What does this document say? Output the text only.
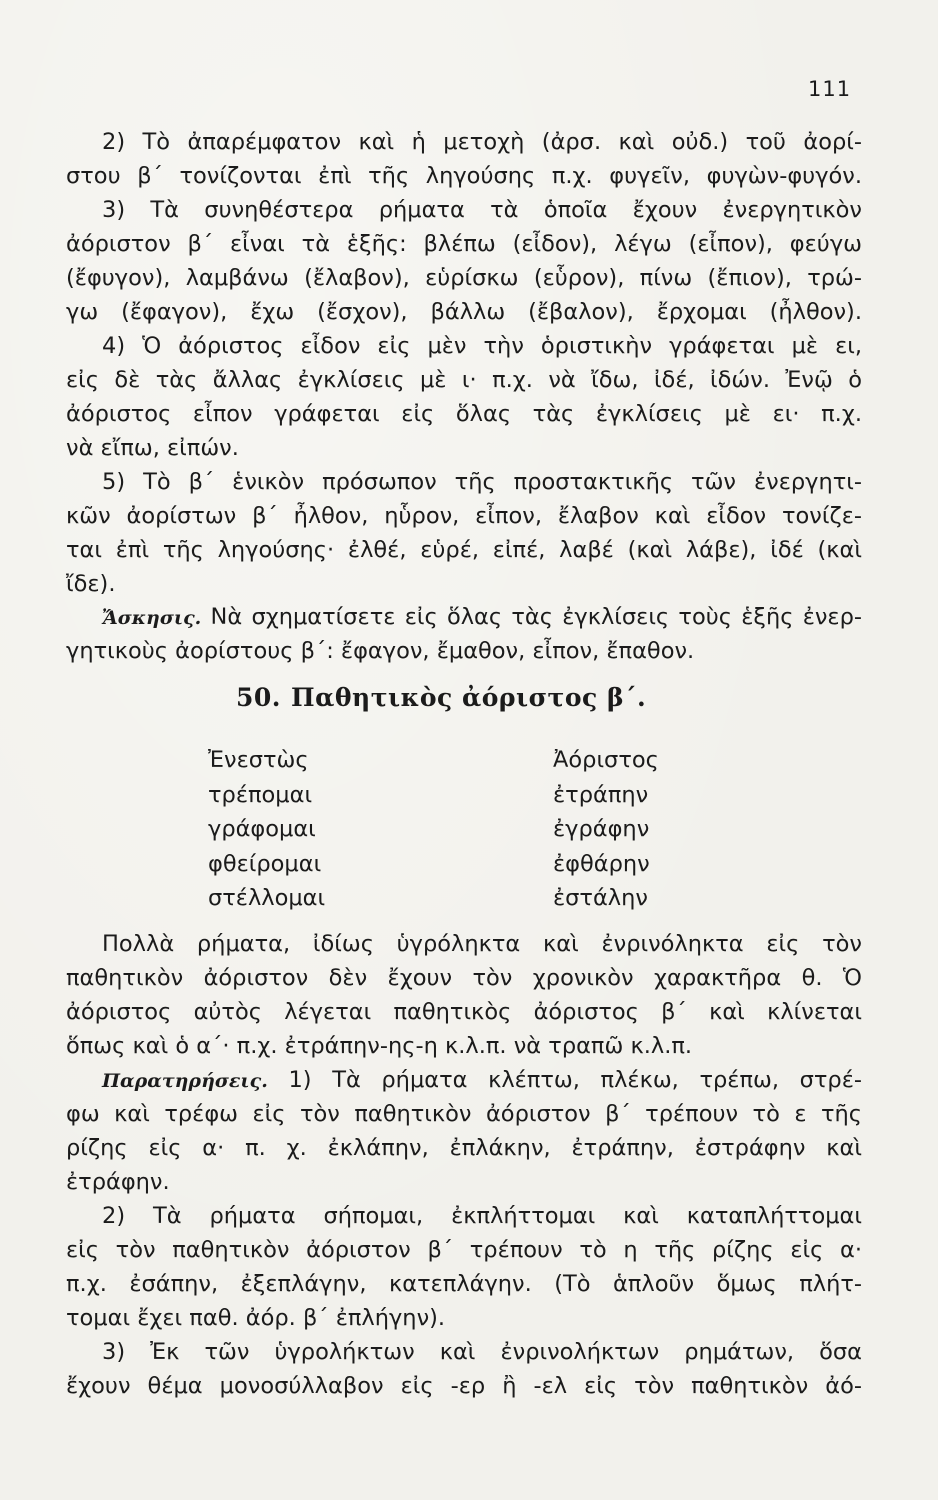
111
2) Τὸ ἀπαρέμφατον καὶ ἡ μετοχὴ (ἀρσ. καὶ οὐδ.) τοῦ ἀορί-
στου β΄ τονίζονται ἐπὶ τῆς ληγούσης π.χ. φυγεῖν, φυγὼν-φυγόν.
3) Τὰ συνηθέστερα ρήματα τὰ ὁποῖα ἔχουν ἐνεργητικὸν
ἀόριστον β΄ εἶναι τὰ ἑξῆς: βλέπω (εἶδον), λέγω (εἶπον), φεύγω
(ἔφυγον), λαμβάνω (ἔλαβον), εὑρίσκω (εὗρον), πίνω (ἔπιον), τρώ-
γω (ἔφαγον), ἔχω (ἔσχον), βάλλω (ἔβαλον), ἔρχομαι (ἦλθον).
4) Ὁ ἀόριστος εἶδον εἰς μὲν τὴν ὁριστικὴν γράφεται μὲ ει,
εἰς δὲ τὰς ἄλλας ἐγκλίσεις μὲ ι· π.χ. νὰ ἴδω, ἰδέ, ἰδών. Ἐνῷ ὁ
ἀόριστος εἶπον γράφεται εἰς ὅλας τὰς ἐγκλίσεις μὲ ει· π.χ.
νὰ εἴπω, εἰπών.
5) Τὸ β΄ ἑνικὸν πρόσωπον τῆς προστακτικῆς τῶν ἐνεργητι-
κῶν ἀορίστων β΄ ἦλθον, ηὗρον, εἶπον, ἔλαβον καὶ εἶδον τονίζε-
ται ἐπὶ τῆς ληγούσης· ἐλθέ, εὑρέ, εἰπέ, λαβέ (καὶ λάβε), ἰδέ (καὶ
ἴδε).
Ἄσκησις. Νὰ σχηματίσετε εἰς ὅλας τὰς ἐγκλίσεις τοὺς ἑξῆς ἐνερ-
γητικοὺς ἀορίστους β΄: ἔφαγον, ἔμαθον, εἶπον, ἔπαθον.
50. Παθητικὸς ἀόριστος β΄.
Ἐνεστὼς
τρέπομαι
γράφομαι
φθείρομαι
στέλλομαι
Ἀόριστος
ἐτράπην
ἐγράφην
ἐφθάρην
ἐστάλην
Πολλὰ ρήματα, ἰδίως ὑγρόληκτα καὶ ἐνρινόληκτα εἰς τὸν
παθητικὸν ἀόριστον δὲν ἔχουν τὸν χρονικὸν χαρακτῆρα θ. Ὁ
ἀόριστος αὐτὸς λέγεται παθητικὸς ἀόριστος β΄ καὶ κλίνεται
ὅπως καὶ ὁ α΄· π.χ. ἐτράπην-ης-η κ.λ.π. νὰ τραπῶ κ.λ.π.
Παρατηρήσεις. 1) Τὰ ρήματα κλέπτω, πλέκω, τρέπω, στρέ-
φω καὶ τρέφω εἰς τὸν παθητικὸν ἀόριστον β΄ τρέπουν τὸ ε τῆς
ρίζης εἰς α· π. χ. ἐκλάπην, ἐπλάκην, ἐτράπην, ἐστράφην καὶ
ἐτράφην.
2) Τὰ ρήματα σήπομαι, ἐκπλήττομαι καὶ καταπλήττομαι
εἰς τὸν παθητικὸν ἀόριστον β΄ τρέπουν τὸ η τῆς ρίζης εἰς α·
π.χ. ἐσάπην, ἐξεπλάγην, κατεπλάγην. (Τὸ ἁπλοῦν ὅμως πλήτ-
τομαι ἔχει παθ. ἀόρ. β΄ ἐπλήγην).
3) Ἐκ τῶν ὑγρολήκτων καὶ ἐνρινολήκτων ρημάτων, ὅσα
ἔχουν θέμα μονοσύλλαβον εἰς -ερ ἢ -ελ εἰς τὸν παθητικὸν ἀό-
